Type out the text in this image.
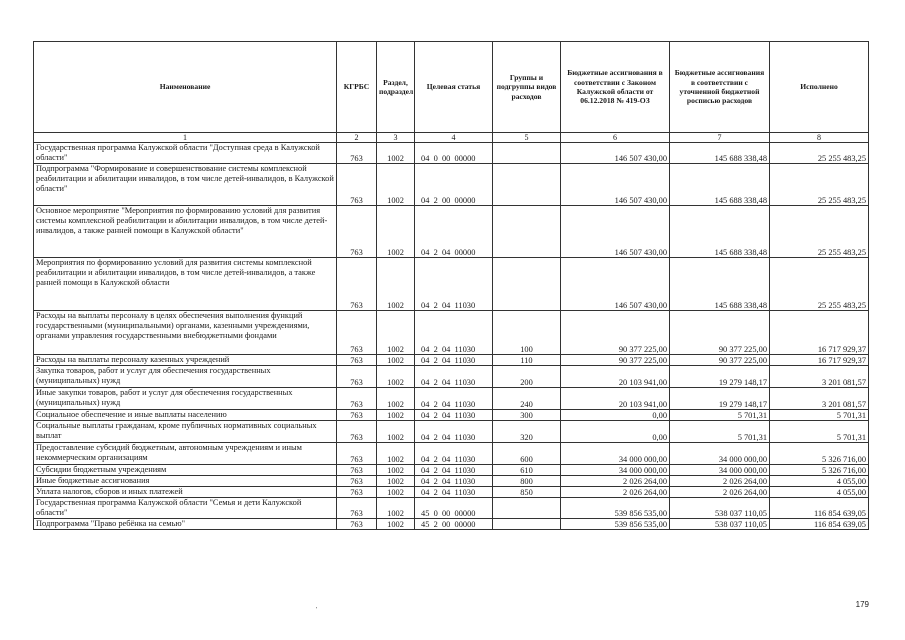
Наименование	КГРБС	Раздел, подраздел	Целевая статья	Группы и подгруппы видов расходов	Бюджетные ассигнования в соответствии с Законом Калужской области от 06.12.2018 № 419-ОЗ	Бюджетные ассигнования в соответствии с уточненной бюджетной росписью расходов	Исполнено
1	2	3	4	5	6	7	8
Государственная программа Калужской области "Доступная среда в Калужской области"	763	1002	04  0  00  00000		146 507 430,00	145 688 338,48	25 255 483,25
Подпрограмма "Формирование и совершенствование системы комплексной реабилитации и абилитации инвалидов, в том числе детей-инвалидов, в Калужской области"	763	1002	04  2  00  00000		146 507 430,00	145 688 338,48	25 255 483,25
Основное мероприятие "Мероприятия по формированию условий для развития системы комплексной реабилитации и абилитации инвалидов, в том числе детей-инвалидов, а также ранней помощи в Калужской области"	763	1002	04  2  04  00000		146 507 430,00	145 688 338,48	25 255 483,25
Мероприятия по формированию условий для развития системы комплексной реабилитации и абилитации инвалидов, в том числе детей-инвалидов, а также ранней помощи в Калужской области	763	1002	04  2  04  11030		146 507 430,00	145 688 338,48	25 255 483,25
Расходы на выплаты персоналу в целях обеспечения выполнения функций государственными (муниципальными) органами, казенными учреждениями, органами управления государственными внебюджетными фондами	763	1002	04  2  04  11030	100	90 377 225,00	90 377 225,00	16 717 929,37
Расходы на выплаты персоналу казенных учреждений	763	1002	04  2  04  11030	110	90 377 225,00	90 377 225,00	16 717 929,37
Закупка товаров, работ и услуг для обеспечения государственных (муниципальных) нужд	763	1002	04  2  04  11030	200	20 103 941,00	19 279 148,17	3 201 081,57
Иные закупки товаров, работ и услуг для обеспечения государственных (муниципальных) нужд	763	1002	04  2  04  11030	240	20 103 941,00	19 279 148,17	3 201 081,57
Социальное обеспечение и иные выплаты населению	763	1002	04  2  04  11030	300	0,00	5 701,31	5 701,31
Социальные выплаты гражданам, кроме публичных нормативных социальных выплат	763	1002	04  2  04  11030	320	0,00	5 701,31	5 701,31
Предоставление субсидий бюджетным, автономным учреждениям и иным некоммерческим организациям	763	1002	04  2  04  11030	600	34 000 000,00	34 000 000,00	5 326 716,00
Субсидии бюджетным учреждениям	763	1002	04  2  04  11030	610	34 000 000,00	34 000 000,00	5 326 716,00
Иные бюджетные ассигнования	763	1002	04  2  04  11030	800	2 026 264,00	2 026 264,00	4 055,00
Уплата налогов, сборов и иных платежей	763	1002	04  2  04  11030	850	2 026 264,00	2 026 264,00	4 055,00
Государственная программа Калужской области "Семья и дети Калужской области"	763	1002	45  0  00  00000		539 856 535,00	538 037 110,05	116 854 639,05
Подпрограмма "Право ребёнка на семью"	763	1002	45  2  00  00000		539 856 535,00	538 037 110,05	116 854 639,05
'
179
